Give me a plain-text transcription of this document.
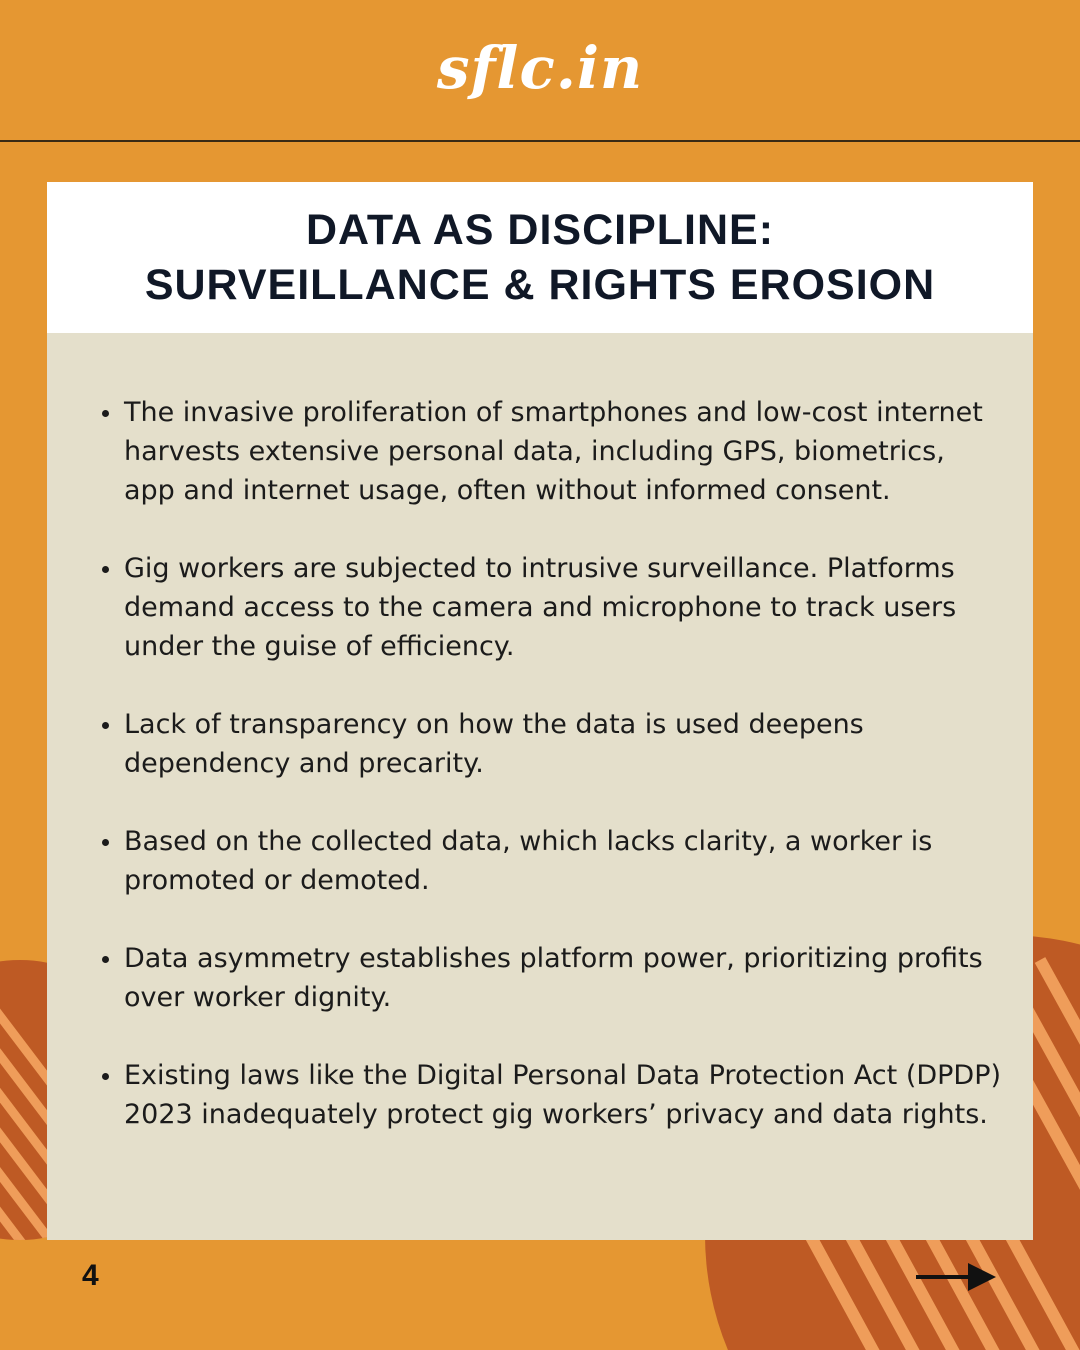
sflc.in
DATA AS DISCIPLINE:
SURVEILLANCE & RIGHTS EROSION
The invasive proliferation of smartphones and low-cost internet harvests extensive personal data, including GPS, biometrics, app and internet usage, often without informed consent.
Gig workers are subjected to intrusive surveillance. Platforms demand access to the camera and microphone to track users under the guise of efficiency.
Lack of transparency on how the data is used deepens dependency and precarity.
Based on the collected data, which lacks clarity, a worker is promoted or demoted.
Data asymmetry establishes platform power, prioritizing profits over worker dignity.
Existing laws like the Digital Personal Data Protection Act (DPDP) 2023 inadequately protect gig workers’ privacy and data rights.
4
